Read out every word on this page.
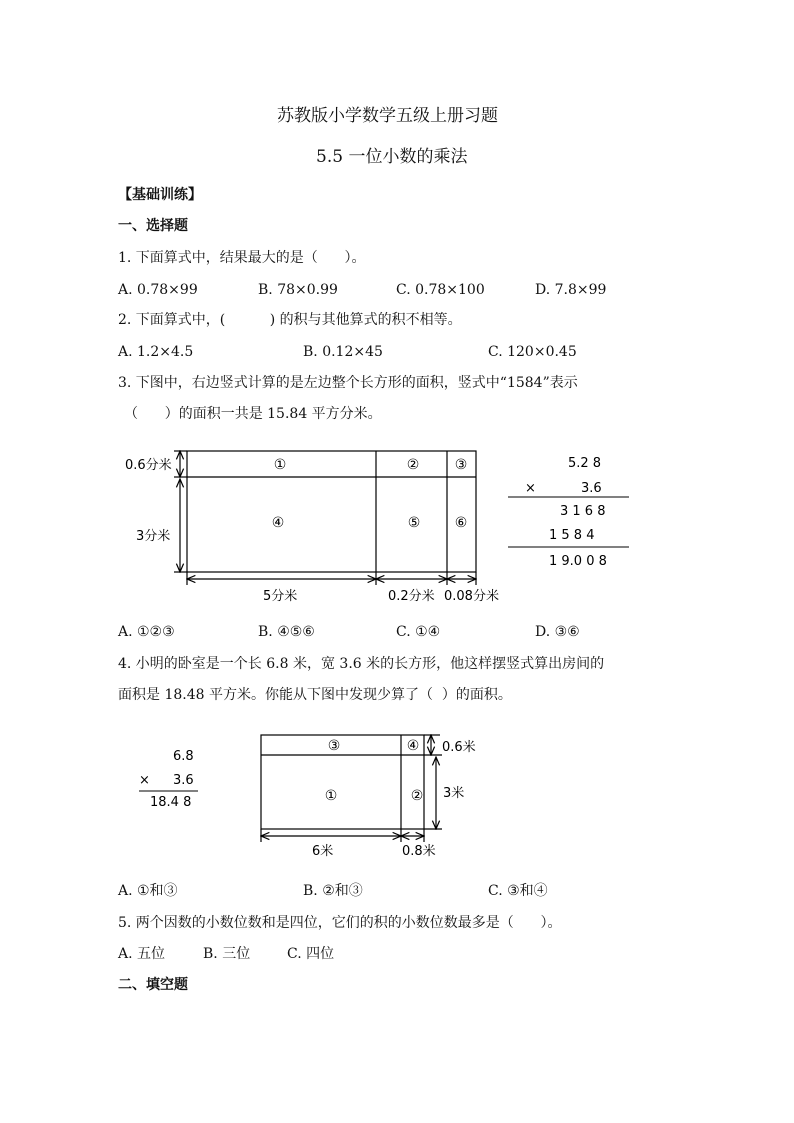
苏教版小学数学五级上册习题
5.5 一位小数的乘法
【基础训练】
一、选择题
1. 下面算式中，结果最大的是（      ）。
A. 0.78×99	B. 78×0.99	C. 0.78×100	D. 7.8×99
2. 下面算式中，(          ) 的积与其他算式的积不相等。
A. 1.2×4.5	B. 0.12×45	C. 120×0.45
3. 下图中，右边竖式计算的是左边整个长方形的面积，竖式中“1584”表示
（      ）的面积一共是 15.84 平方分米。
0.6分米
3分米
5分米	0.2分米 0.08分米
①	②	③
④	⑤ ⑥
5.2 8
×	3.6
3 1 6 8
1 5 8 4
1 9.0 0 8
A. ①②③	B. ④⑤⑥	C. ①④	D. ③⑥
4. 小明的卧室是一个长 6.8 米，宽 3.6 米的长方形，他这样摆竖式算出房间的
面积是 18.48 平方米。你能从下图中发现少算了（  ）的面积。
6.8
× 3.6
18.4 8
③	④
①	②
0.6米
3米
6米	0.8米
A. ①和③	B. ②和③	C. ③和④
5. 两个因数的小数位数和是四位，它们的积的小数位数最多是（      ）。
A. 五位	B. 三位	C. 四位
二、填空题
